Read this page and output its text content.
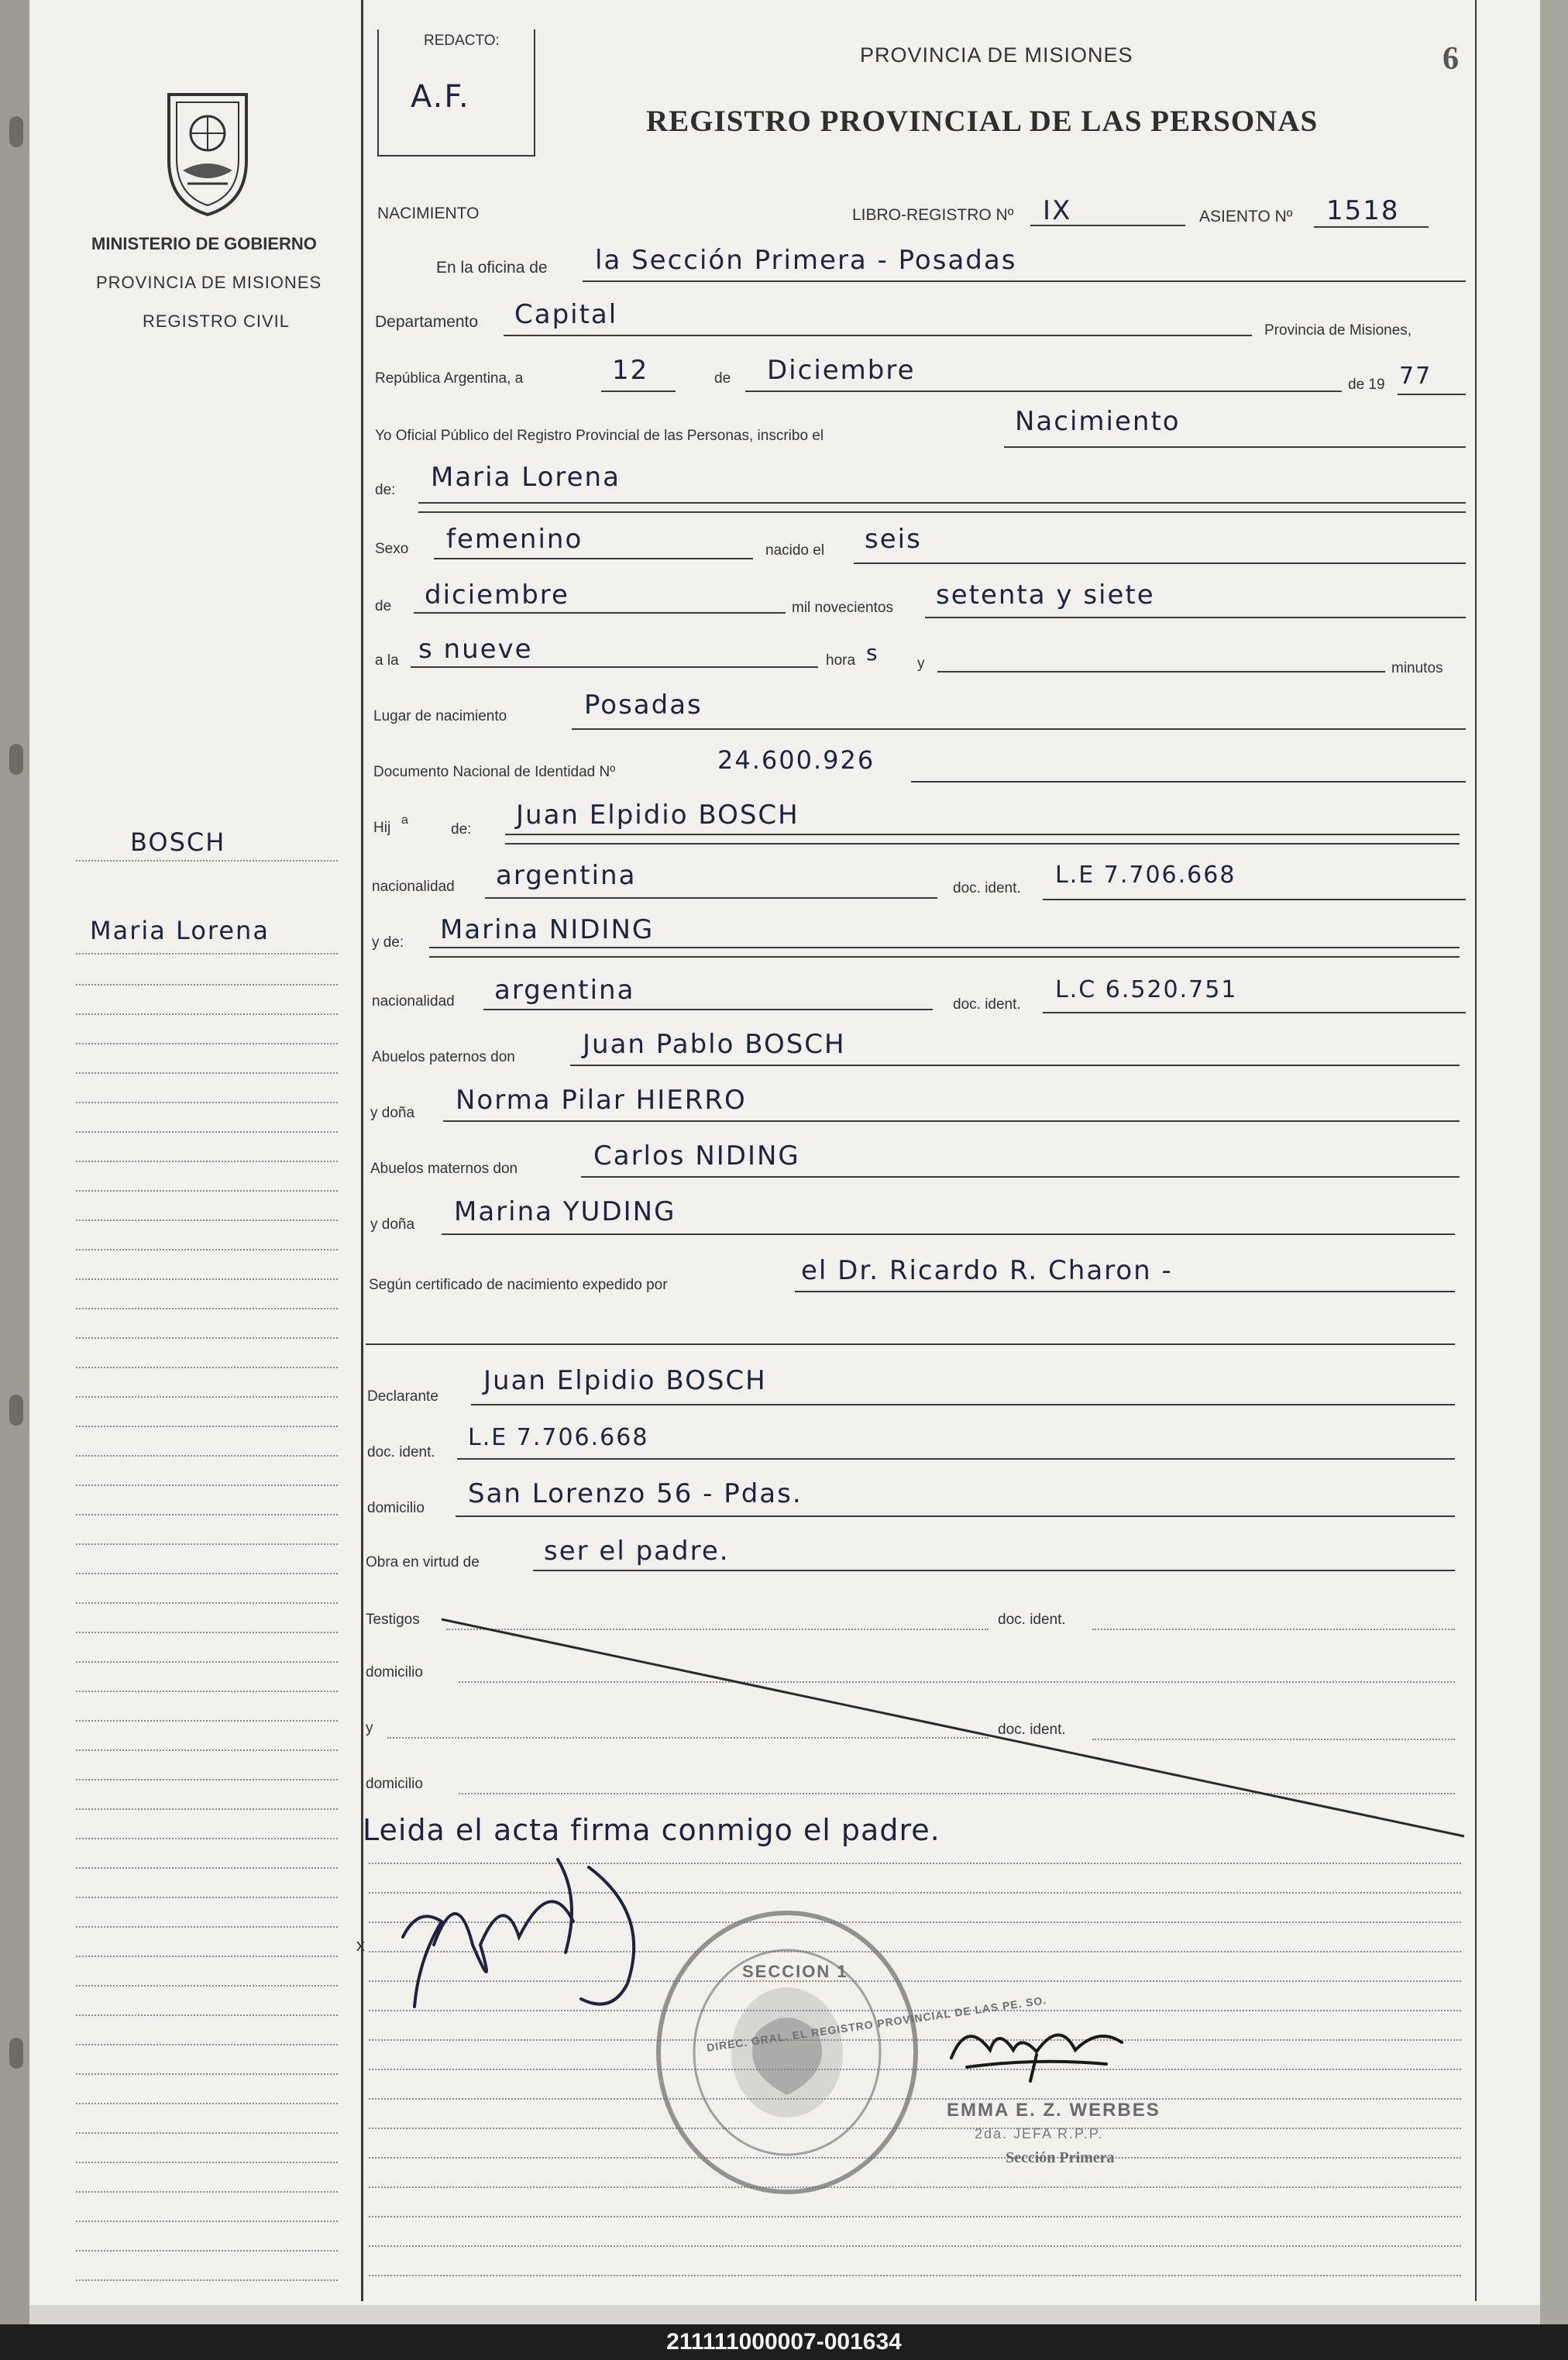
6
REDACTO:
A.F.
PROVINCIA DE MISIONES
REGISTRO PROVINCIAL DE LAS PERSONAS
MINISTERIO DE GOBIERNO
PROVINCIA DE MISIONES
REGISTRO CIVIL
BOSCH
Maria Lorena
NACIMIENTO	LIBRO-REGISTRO Nº IX	ASIENTO Nº 1518
En la oficina de la Sección Primera - Posadas
Departamento Capital
Provincia de Misiones,
República Argentina, a	12	de Diciembre	de 19 77
Yo Oficial Público del Registro Provincial de las Personas, inscribo el	Nacimiento
de: Maria Lorena
Sexo femenino	nacido el seis
de diciembre	mil novecientos setenta y siete
a la s nueve	hora s	y	minutos
Lugar de nacimiento	Posadas
Documento Nacional de Identidad Nº	24.600.926
Hij a
de: Juan Elpidio BOSCH
nacionalidad argentina	doc. ident. L.E 7.706.668
y de: Marina NIDING
nacionalidad argentina	doc. ident.
L.C 6.520.751
Abuelos paternos don	Juan Pablo BOSCH
y doña Norma Pilar HIERRO
Abuelos maternos don	Carlos NIDING
y doña Marina YUDING
Según certificado de nacimiento expedido por	el Dr. Ricardo R. Charon -
Declarante
Juan Elpidio BOSCH
doc. ident.
L.E 7.706.668
domicilio San Lorenzo 56 - Pdas.
Obra en virtud de ser el padre.
Testigos	doc. ident.
domicilio
y	doc. ident.
domicilio
Leida el acta firma conmigo el padre.
x
DIREC. GRAL. EL REGISTRO PROVINCIAL DE LAS PE. SO.
SECCION 1
EMMA E. Z. WERBES
2da. JEFA R.P.P.
Sección Primera
211111000007-001634
